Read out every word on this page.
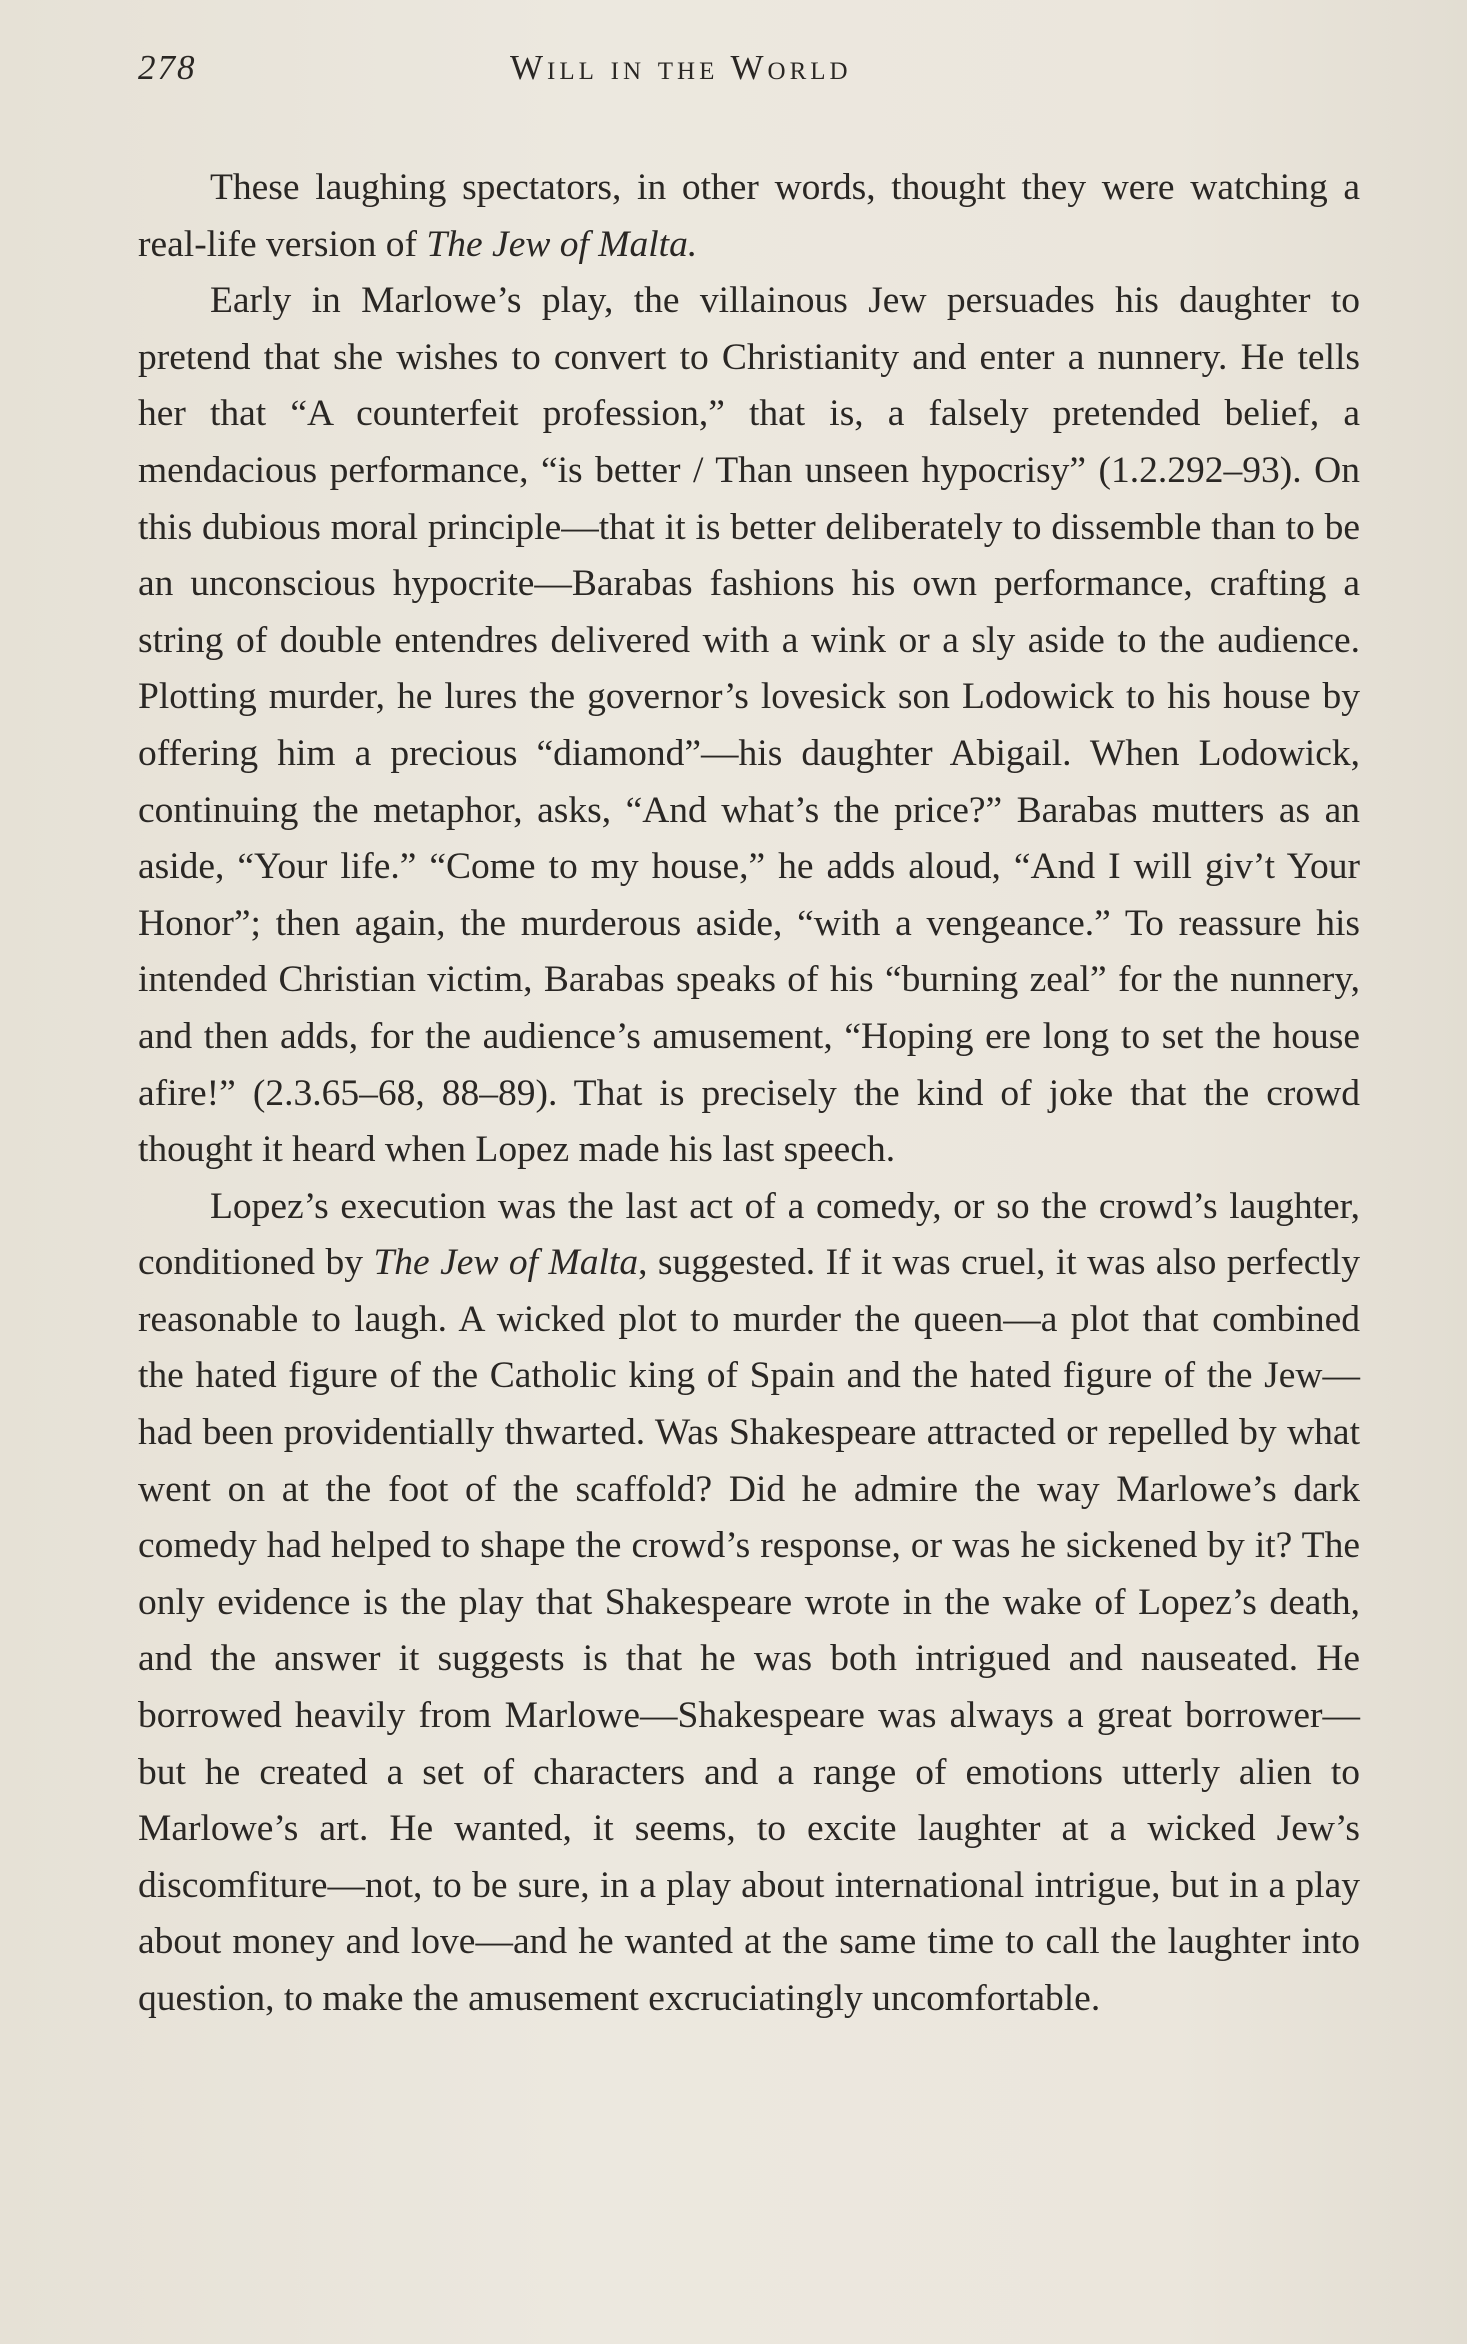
278	Will in the World

These laughing spectators, in other words, thought they were watching a real-life version of The Jew of Malta.

Early in Marlowe’s play, the villainous Jew persuades his daughter to pretend that she wishes to convert to Christianity and enter a nunnery. He tells her that “A counterfeit profession,” that is, a falsely pretended belief, a mendacious performance, “is better / Than unseen hypocrisy” (1.2.292–93). On this dubious moral principle—that it is better deliberately to dissemble than to be an unconscious hypocrite—Barabas fashions his own performance, crafting a string of double entendres delivered with a wink or a sly aside to the audience. Plotting murder, he lures the governor’s lovesick son Lodowick to his house by offering him a precious “diamond”—his daughter Abigail. When Lodowick, continuing the metaphor, asks, “And what’s the price?” Barabas mutters as an aside, “Your life.” “Come to my house,” he adds aloud, “And I will giv’t Your Honor”; then again, the murderous aside, “with a vengeance.” To reassure his intended Christian victim, Barabas speaks of his “burning zeal” for the nunnery, and then adds, for the audience’s amusement, “Hoping ere long to set the house afire!” (2.3.65–68, 88–89). That is precisely the kind of joke that the crowd thought it heard when Lopez made his last speech.

Lopez’s execution was the last act of a comedy, or so the crowd’s laughter, conditioned by The Jew of Malta, suggested. If it was cruel, it was also perfectly reasonable to laugh. A wicked plot to murder the queen—a plot that combined the hated figure of the Catholic king of Spain and the hated figure of the Jew—had been providentially thwarted. Was Shakespeare attracted or repelled by what went on at the foot of the scaffold? Did he admire the way Marlowe’s dark comedy had helped to shape the crowd’s response, or was he sickened by it? The only evidence is the play that Shakespeare wrote in the wake of Lopez’s death, and the answer it suggests is that he was both intrigued and nauseated. He borrowed heavily from Marlowe—Shakespeare was always a great borrower—but he created a set of characters and a range of emotions utterly alien to Marlowe’s art. He wanted, it seems, to excite laughter at a wicked Jew’s discomfiture—not, to be sure, in a play about international intrigue, but in a play about money and love—and he wanted at the same time to call the laughter into question, to make the amusement excruciatingly uncomfortable.
